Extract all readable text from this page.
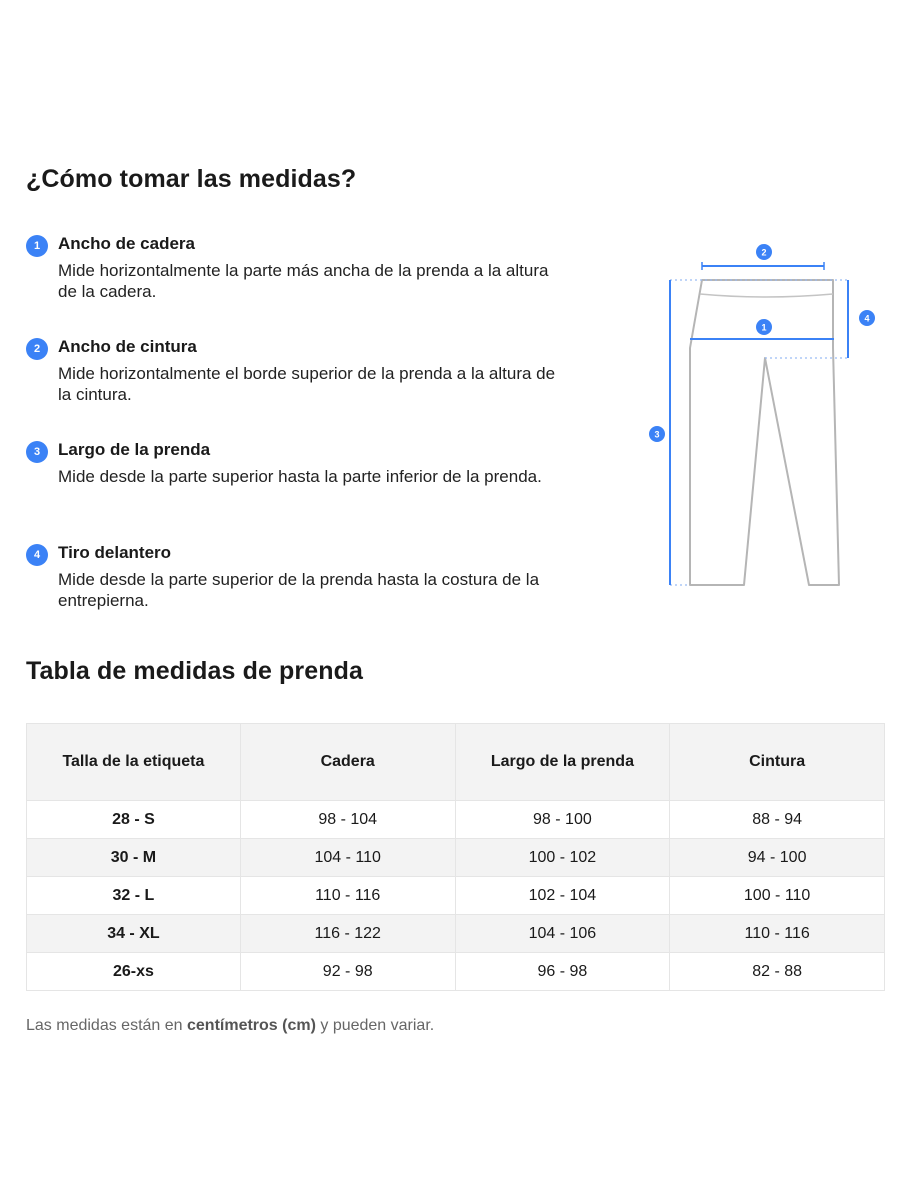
¿Cómo tomar las medidas?
1	Ancho de cadera
Mide horizontalmente la parte más ancha de la prenda a la altura de la cadera.
2	Ancho de cintura
Mide horizontalmente el borde superior de la prenda a la altura de la cintura.
3	Largo de la prenda
Mide desde la parte superior hasta la parte inferior de la prenda.
4	Tiro delantero
Mide desde la parte superior de la prenda hasta la costura de la entrepierna.
2
4
1
3
Tabla de medidas de prenda
Talla de la etiqueta	Cadera	Largo de la prenda	Cintura
28 - S	98 - 104	98 - 100	88 - 94
30 - M	104 - 110	100 - 102	94 - 100
32 - L	110 - 116	102 - 104	100 - 110
34 - XL	116 - 122	104 - 106	110 - 116
26-xs	92 - 98	96 - 98	82 - 88

Las medidas están en centímetros (cm) y pueden variar.
